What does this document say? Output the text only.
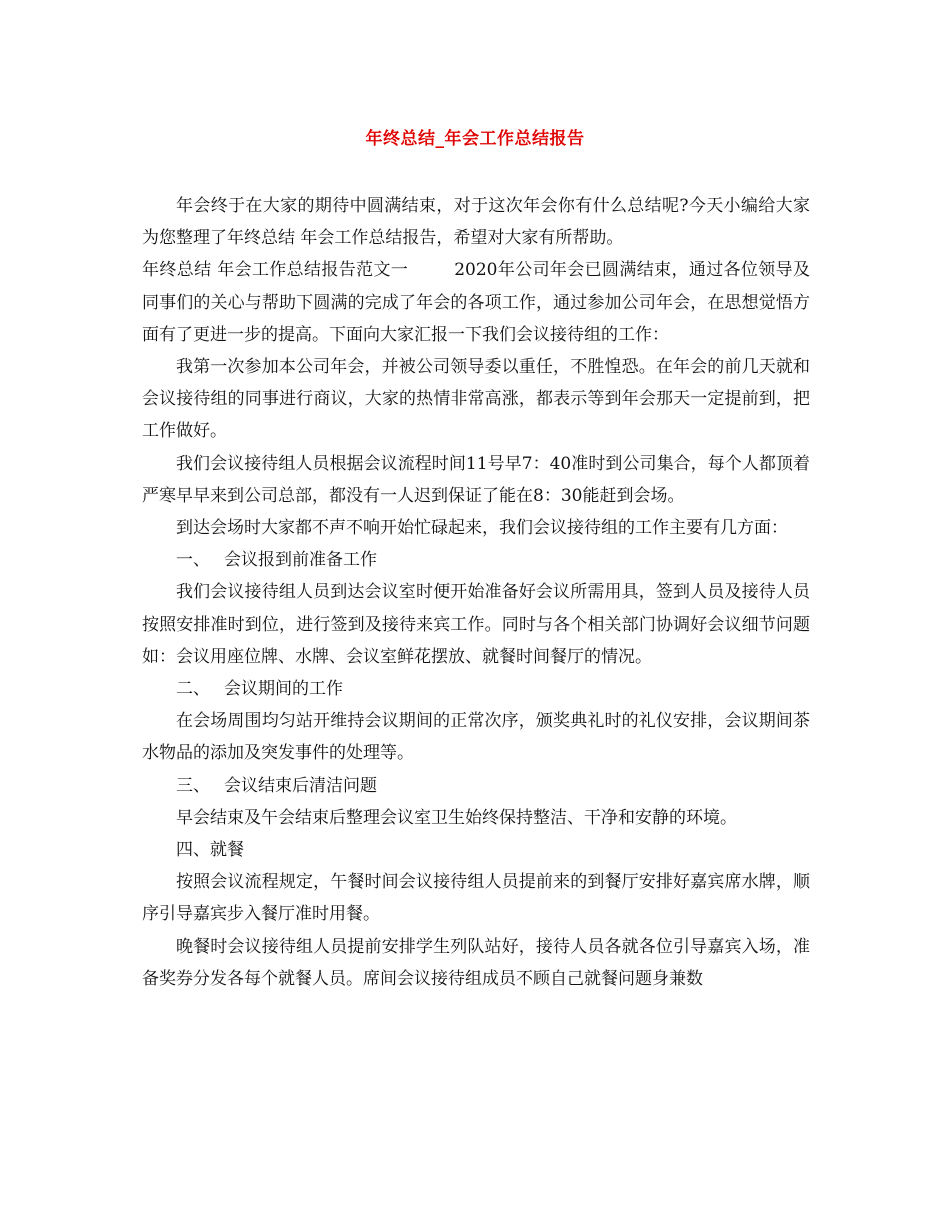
年终总结_年会工作总结报告

年会终于在大家的期待中圆满结束，对于这次年会你有什么总结呢?今天小编给大家为您整理了年终总结 年会工作总结报告，希望对大家有所帮助。

年终总结 年会工作总结报告范文一	2020年公司年会已圆满结束，通过各位领导及同事们的关心与帮助下圆满的完成了年会的各项工作，通过参加公司年会，在思想觉悟方面有了更进一步的提高。下面向大家汇报一下我们会议接待组的工作：

我第一次参加本公司年会，并被公司领导委以重任，不胜惶恐。在年会的前几天就和会议接待组的同事进行商议，大家的热情非常高涨，都表示等到年会那天一定提前到，把工作做好。

我们会议接待组人员根据会议流程时间11号早7：40准时到公司集合，每个人都顶着严寒早早来到公司总部，都没有一人迟到保证了能在8：30能赶到会场。

到达会场时大家都不声不响开始忙碌起来，我们会议接待组的工作主要有几方面：

一、 会议报到前准备工作

我们会议接待组人员到达会议室时便开始准备好会议所需用具，签到人员及接待人员按照安排准时到位，进行签到及接待来宾工作。同时与各个相关部门协调好会议细节问题如：会议用座位牌、水牌、会议室鲜花摆放、就餐时间餐厅的情况。

二、 会议期间的工作

在会场周围均匀站开维持会议期间的正常次序，颁奖典礼时的礼仪安排，会议期间茶水物品的添加及突发事件的处理等。

三、 会议结束后清洁问题

早会结束及午会结束后整理会议室卫生始终保持整洁、干净和安静的环境。

四、就餐

按照会议流程规定，午餐时间会议接待组人员提前来的到餐厅安排好嘉宾席水牌，顺序引导嘉宾步入餐厅准时用餐。

晚餐时会议接待组人员提前安排学生列队站好，接待人员各就各位引导嘉宾入场，准备奖券分发各每个就餐人员。席间会议接待组成员不顾自己就餐问题身兼数
